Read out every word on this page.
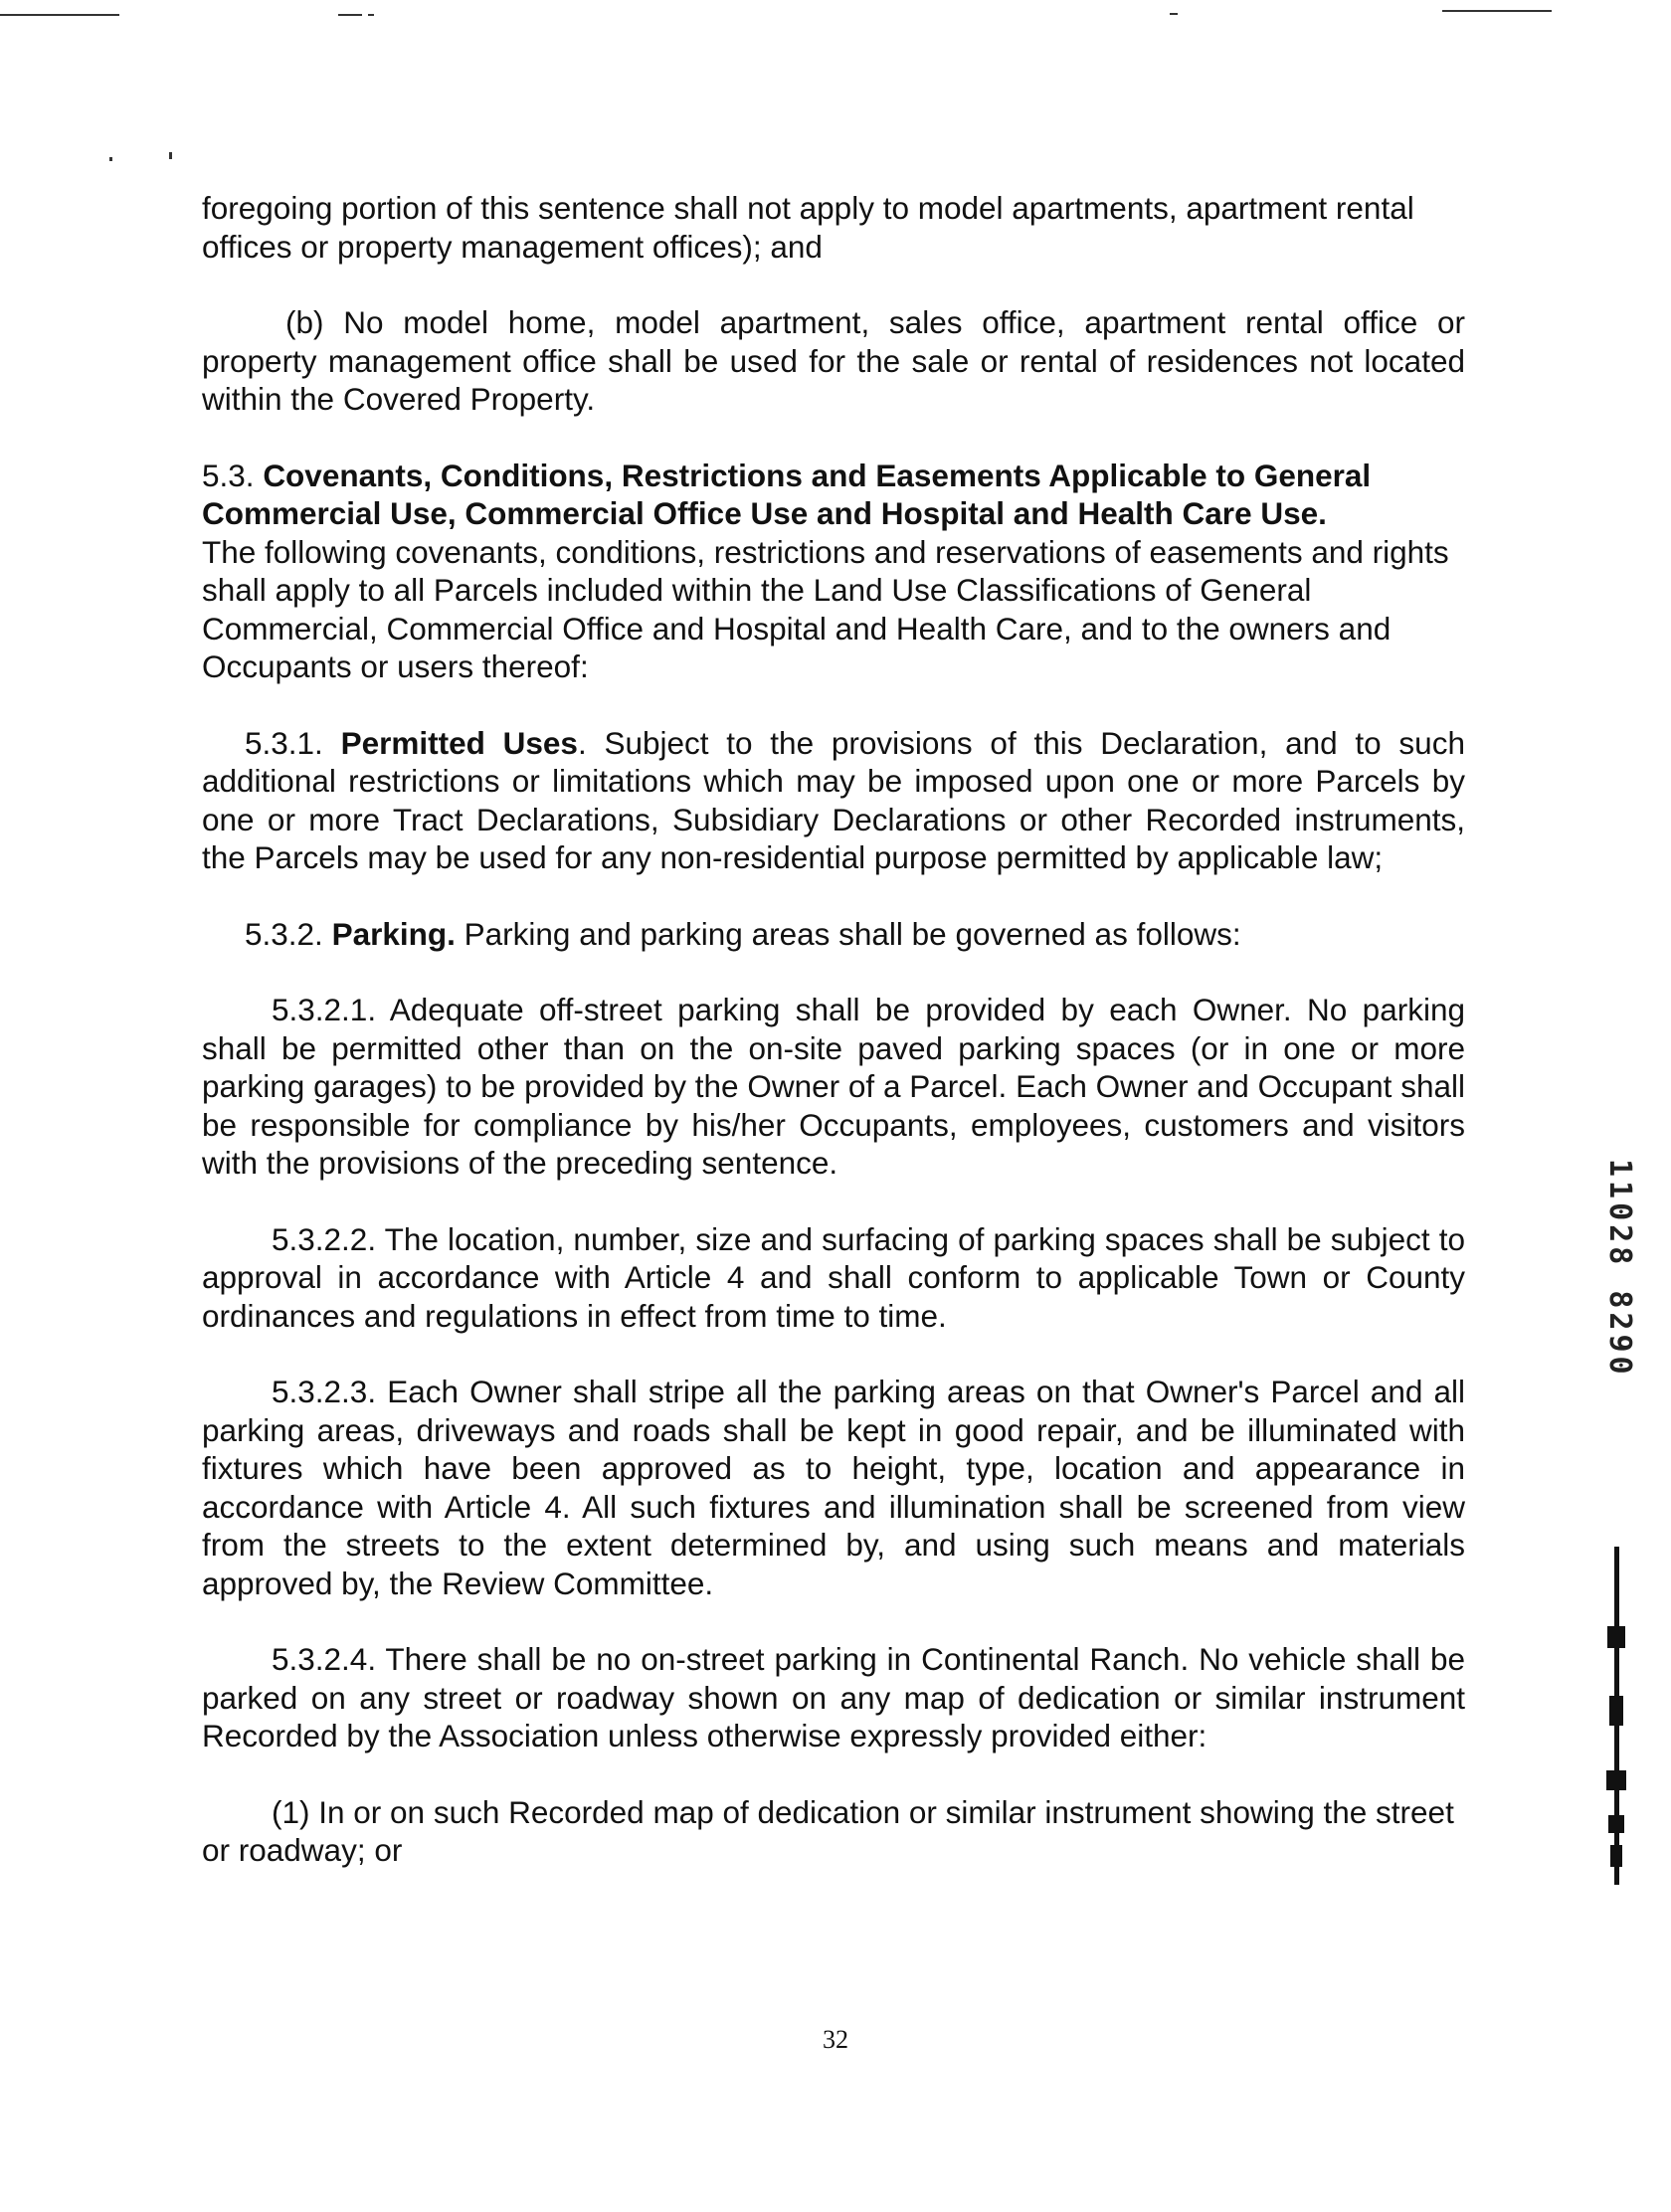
foregoing portion of this sentence shall not apply to model apartments, apartment rental offices or property management offices); and

(b) No model home, model apartment, sales office, apartment rental office or property management office shall be used for the sale or rental of residences not located within the Covered Property.

5.3. Covenants, Conditions, Restrictions and Easements Applicable to General Commercial Use, Commercial Office Use and Hospital and Health Care Use.
The following covenants, conditions, restrictions and reservations of easements and rights shall apply to all Parcels included within the Land Use Classifications of General Commercial, Commercial Office and Hospital and Health Care, and to the owners and Occupants or users thereof:

5.3.1. Permitted Uses. Subject to the provisions of this Declaration, and to such additional restrictions or limitations which may be imposed upon one or more Parcels by one or more Tract Declarations, Subsidiary Declarations or other Recorded instruments, the Parcels may be used for any non-residential purpose permitted by applicable law;

5.3.2. Parking. Parking and parking areas shall be governed as follows:

5.3.2.1. Adequate off-street parking shall be provided by each Owner. No parking shall be permitted other than on the on-site paved parking spaces (or in one or more parking garages) to be provided by the Owner of a Parcel. Each Owner and Occupant shall be responsible for compliance by his/her Occupants, employees, customers and visitors with the provisions of the preceding sentence.

5.3.2.2. The location, number, size and surfacing of parking spaces shall be subject to approval in accordance with Article 4 and shall conform to applicable Town or County ordinances and regulations in effect from time to time.

5.3.2.3. Each Owner shall stripe all the parking areas on that Owner's Parcel and all parking areas, driveways and roads shall be kept in good repair, and be illuminated with fixtures which have been approved as to height, type, location and appearance in accordance with Article 4. All such fixtures and illumination shall be screened from view from the streets to the extent determined by, and using such means and materials approved by, the Review Committee.

5.3.2.4. There shall be no on-street parking in Continental Ranch. No vehicle shall be parked on any street or roadway shown on any map of dedication or similar instrument Recorded by the Association unless otherwise expressly provided either:

(1) In or on such Recorded map of dedication or similar instrument showing the street or roadway; or

11028 8290
32
